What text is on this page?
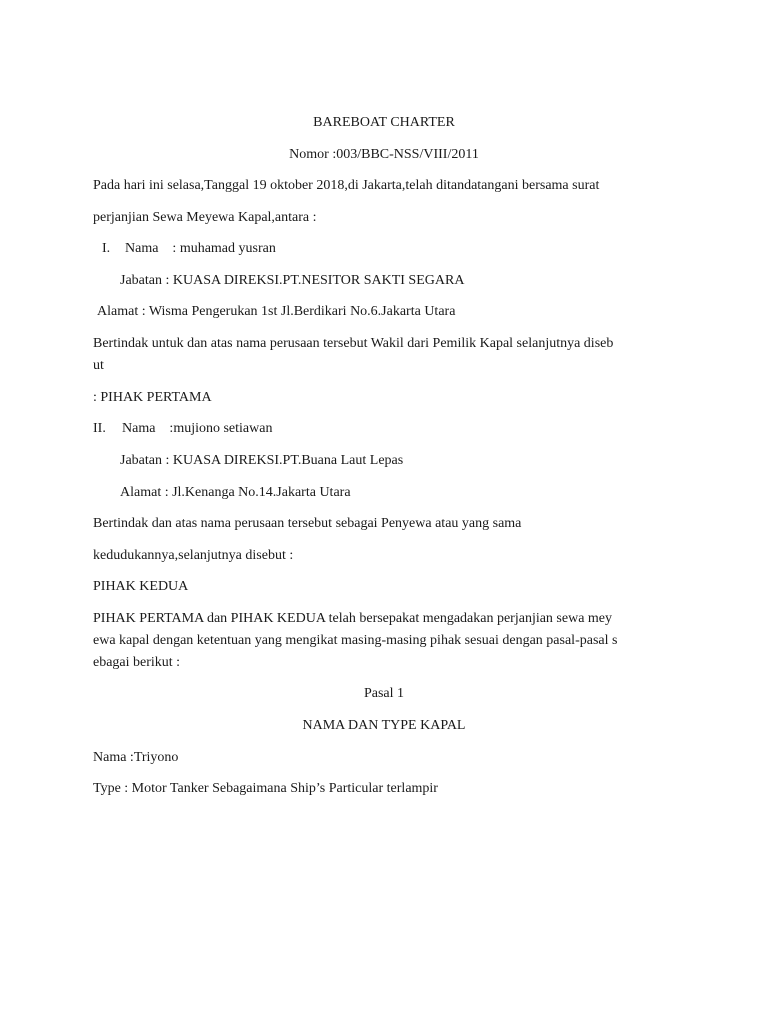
BAREBOAT CHARTER
Nomor :003/BBC-NSS/VIII/2011
Pada hari ini selasa,Tanggal 19 oktober 2018,di Jakarta,telah ditandatangani bersama surat
perjanjian Sewa Meyewa Kapal,antara :
I. Nama    : muhamad yusran
Jabatan : KUASA DIREKSI.PT.NESITOR SAKTI SEGARA
Alamat : Wisma Pengerukan 1st Jl.Berdikari No.6.Jakarta Utara
Bertindak untuk dan atas nama perusaan tersebut Wakil dari Pemilik Kapal selanjutnya diseb
ut
: PIHAK PERTAMA
II. Nama    :mujiono setiawan
Jabatan : KUASA DIREKSI.PT.Buana Laut Lepas
Alamat : Jl.Kenanga No.14.Jakarta Utara
Bertindak dan atas nama perusaan tersebut sebagai Penyewa atau yang sama
kedudukannya,selanjutnya disebut :
PIHAK KEDUA
PIHAK PERTAMA dan PIHAK KEDUA telah bersepakat mengadakan perjanjian sewa mey
ewa kapal dengan ketentuan yang mengikat masing-masing pihak sesuai dengan pasal-pasal s
ebagai berikut :
Pasal 1
NAMA DAN TYPE KAPAL
Nama :Triyono
Type : Motor Tanker Sebagaimana Ship’s Particular terlampir
